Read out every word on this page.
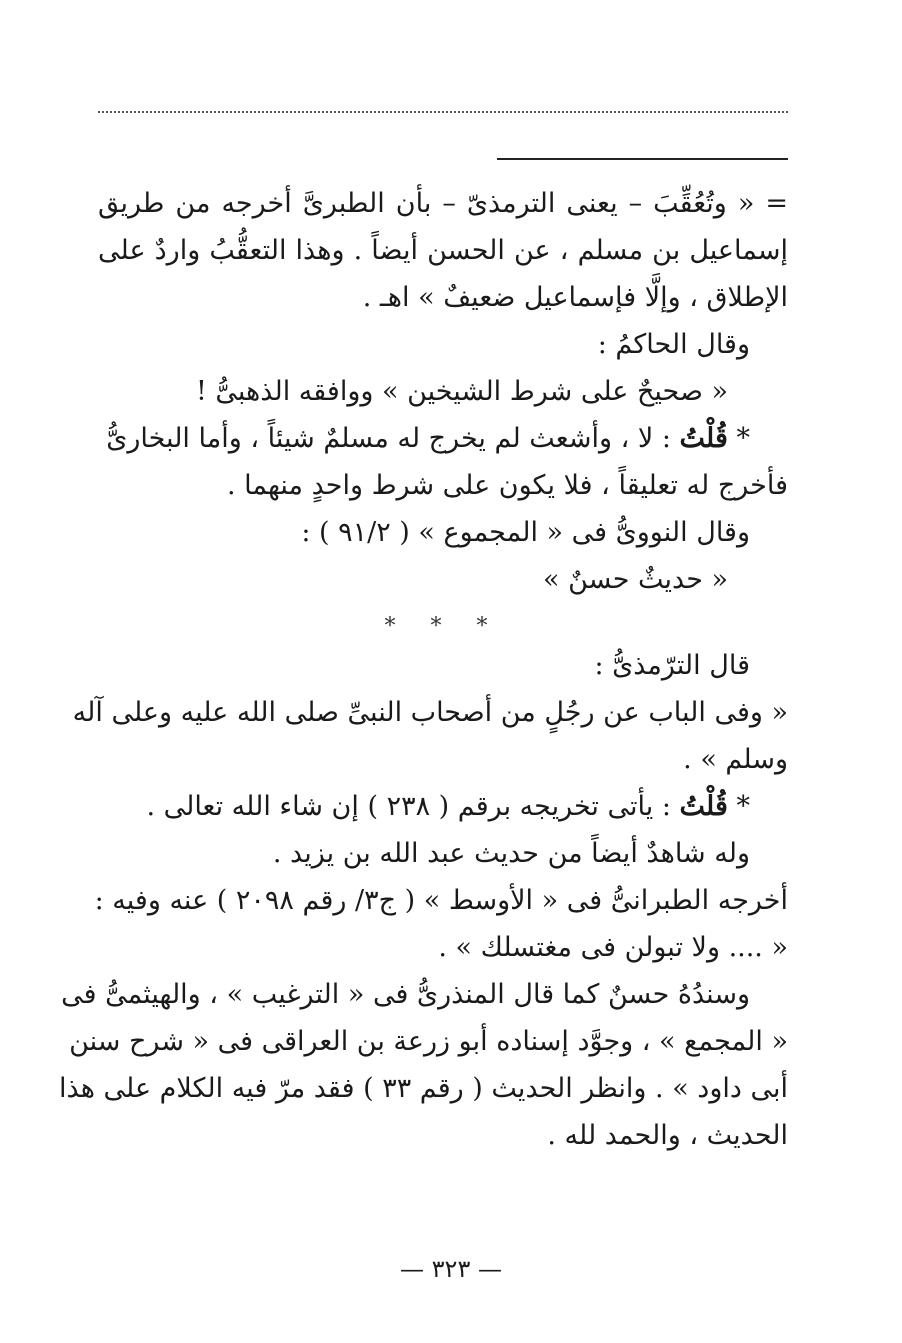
= « وتُعُقِّبَ – يعنى الترمذىّ – بأن الطبرىَّ أخرجه من طريق
إسماعيل بن مسلم ، عن الحسن أيضاً . وهذا التعقُّبُ واردٌ على
الإطلاق ، وإلَّا فإسماعيل ضعيفٌ » اهـ .
وقال الحاكمُ :
« صحيحٌ على شرط الشيخين » ووافقه الذهبىُّ !
* قُلْتُ : لا ، وأشعث لم يخرج له مسلمٌ شيئاً ، وأما البخارىُّ
فأخرج له تعليقاً ، فلا يكون على شرط واحدٍ منهما .
وقال النووىُّ فى « المجموع » ( ٩١/٢ ) :
« حديثٌ حسنٌ »
* * *
قال الترّمذىُّ :
« وفى الباب عن رجُلٍ من أصحاب النبىِّ صلى الله عليه وعلى آله
وسلم » .
* قُلْتُ : يأتى تخريجه برقم ( ٢٣٨ ) إن شاء الله تعالى .
وله شاهدٌ أيضاً من حديث عبد الله بن يزيد .
أخرجه الطبرانىُّ فى « الأوسط » ( ج٣/ رقم ٢٠٩٨ ) عنه وفيه :
« .... ولا تبولن فى مغتسلك » .
وسندُهُ حسنٌ كما قال المنذرىُّ فى « الترغيب » ، والهيثمىُّ فى
« المجمع » ، وجوَّد إسناده أبو زرعة بن العراقى فى « شرح سنن
أبى داود » . وانظر الحديث ( رقم ٣٣ ) فقد مرّ فيه الكلام على هذا
الحديث ، والحمد لله .
— ٣٢٣ —
